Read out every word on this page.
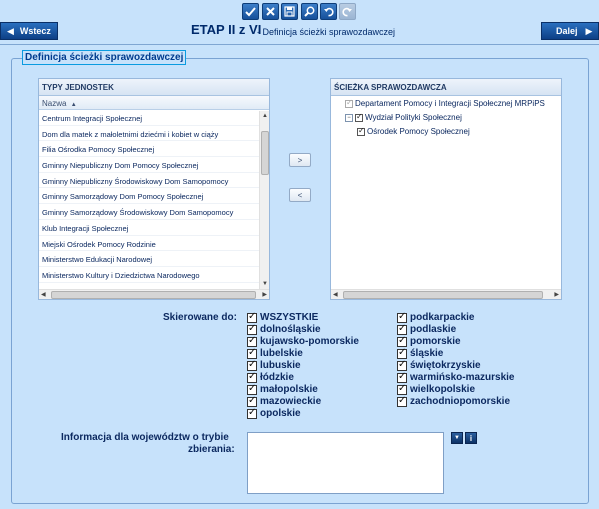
◀ Wstecz	Dalej ▶
ETAP II z VI
- Definicja ścieżki sprawozdawczej
Definicja ścieżki sprawozdawczej
TYPY JEDNOSTEK
Nazwa ▲
Centrum Integracji Społecznej
Dom dla matek z małoletnimi dziećmi i kobiet w ciąży
Filia Ośrodka Pomocy Społecznej
Gminny Niepubliczny Dom Pomocy Społecznej
Gminny Niepubliczny Środowiskowy Dom Samopomocy
Gminny Samorządowy Dom Pomocy Społecznej
Gminny Samorządowy Środowiskowy Dom Samopomocy
Klub Integracji Społecznej
Miejski Ośrodek Pomocy Rodzinie
Ministerstwo Edukacji Narodowej
Ministerstwo Kultury i Dziedzictwa Narodowego
▲
▼
◀	▶
>
<
ŚCIEŻKA SPRAWOZDAWCZA
✓
Departament Pomocy i Integracji Społecznej MRPiPS
− ✓ Wydział Polityki Społecznej
✓
Ośrodek Pomocy Społecznej
◀	▶
Skierowane do: ✓ WSZYSTKIE
✓
dolnośląskie
✓
kujawsko-pomorskie
✓
lubelskie
✓
lubuskie
✓
łódzkie
✓
małopolskie
✓
mazowieckie
✓
opolskie
✓
podkarpackie
✓
podlaskie
✓
pomorskie
✓
śląskie
✓
świętokrzyskie
✓
warmińsko-mazurskie
✓
wielkopolskie
✓
zachodniopomorskie
Informacja dla województw o trybie
zbierania:
▼ i
